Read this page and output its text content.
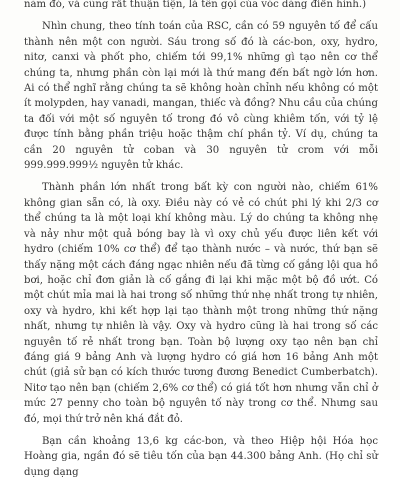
năm đó, và cũng rất thuận tiện, là tên gọi của vóc dáng điển hình.)

Nhìn chung, theo tính toán của RSC, cần có 59 nguyên tố để cấu thành nên một con người. Sáu trong số đó là các-bon, oxy, hydro, nitơ, canxi và phốt pho, chiếm tới 99,1% những gì tạo nên cơ thể chúng ta, nhưng phần còn lại mới là thứ mang đến bất ngờ lớn hơn. Ai có thể nghĩ rằng chúng ta sẽ không hoàn chỉnh nếu không có một ít molypden, hay vanadi, mangan, thiếc và đồng? Nhu cầu của chúng ta đối với một số nguyên tố trong đó vô cùng khiêm tốn, với tỷ lệ được tính bằng phần triệu hoặc thậm chí phần tỷ. Ví dụ, chúng ta cần 20 nguyên tử coban và 30 nguyên tử crom với mỗi 999.999.999½ nguyên tử khác.

Thành phần lớn nhất trong bất kỳ con người nào, chiếm 61% không gian sẵn có, là oxy. Điều này có vẻ có chút phi lý khi 2/3 cơ thể chúng ta là một loại khí không màu. Lý do chúng ta không nhẹ và nảy như một quả bóng bay là vì oxy chủ yếu được liên kết với hydro (chiếm 10% cơ thể) để tạo thành nước – và nước, thứ bạn sẽ thấy nặng một cách đáng ngạc nhiên nếu đã từng cố gắng lội qua hồ bơi, hoặc chỉ đơn giản là cố gắng đi lại khi mặc một bộ đồ ướt. Có một chút mỉa mai là hai trong số những thứ nhẹ nhất trong tự nhiên, oxy và hydro, khi kết hợp lại tạo thành một trong những thứ nặng nhất, nhưng tự nhiên là vậy. Oxy và hydro cũng là hai trong số các nguyên tố rẻ nhất trong bạn. Toàn bộ lượng oxy tạo nên bạn chỉ đáng giá 9 bảng Anh và lượng hydro có giá hơn 16 bảng Anh một chút (giả sử bạn có kích thước tương đương Benedict Cumberbatch). Nitơ tạo nên bạn (chiếm 2,6% cơ thể) có giá tốt hơn nhưng vẫn chỉ ở mức 27 penny cho toàn bộ nguyên tố này trong cơ thể. Nhưng sau đó, mọi thứ trở nên khá đắt đỏ.

Bạn cần khoảng 13,6 kg các-bon, và theo Hiệp hội Hóa học Hoàng gia, ngần đó sẽ tiêu tốn của bạn 44.300 bảng Anh. (Họ chỉ sử dụng dạng
